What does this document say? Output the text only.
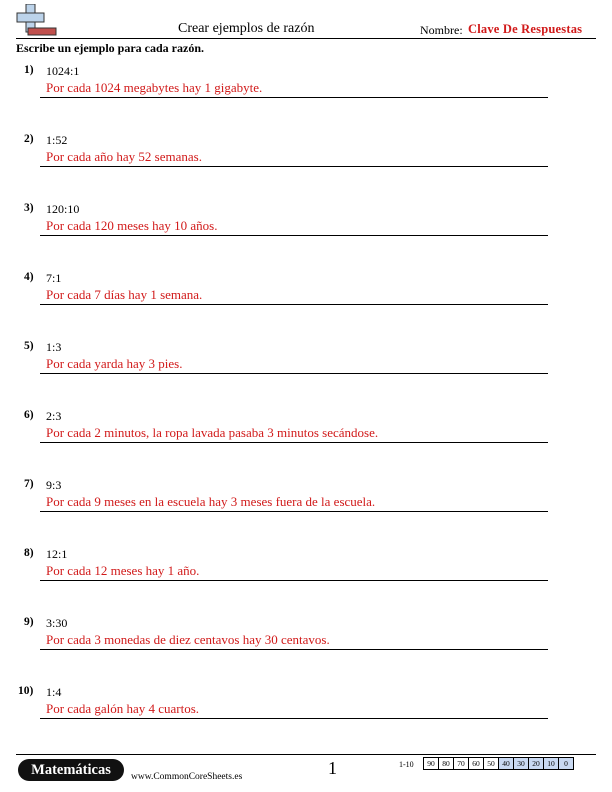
Crear ejemplos de razón	Nombre: Clave De Respuestas
Escribe un ejemplo para cada razón.
1) 1024:1
Por cada 1024 megabytes hay 1 gigabyte.
2) 1:52
Por cada año hay 52 semanas.
3) 120:10
Por cada 120 meses hay 10 años.
4) 7:1
Por cada 7 días hay 1 semana.
5) 1:3
Por cada yarda hay 3 pies.
6) 2:3
Por cada 2 minutos, la ropa lavada pasaba 3 minutos secándose.
7) 9:3
Por cada 9 meses en la escuela hay 3 meses fuera de la escuela.
8) 12:1
Por cada 12 meses hay 1 año.
9) 3:30
Por cada 3 monedas de diez centavos hay 30 centavos.
10) 1:4
Por cada galón hay 4 cuartos.
Matemáticas	www.CommonCoreSheets.es	1	1-10	90	80	70	60	50	40	30	20	10	0
